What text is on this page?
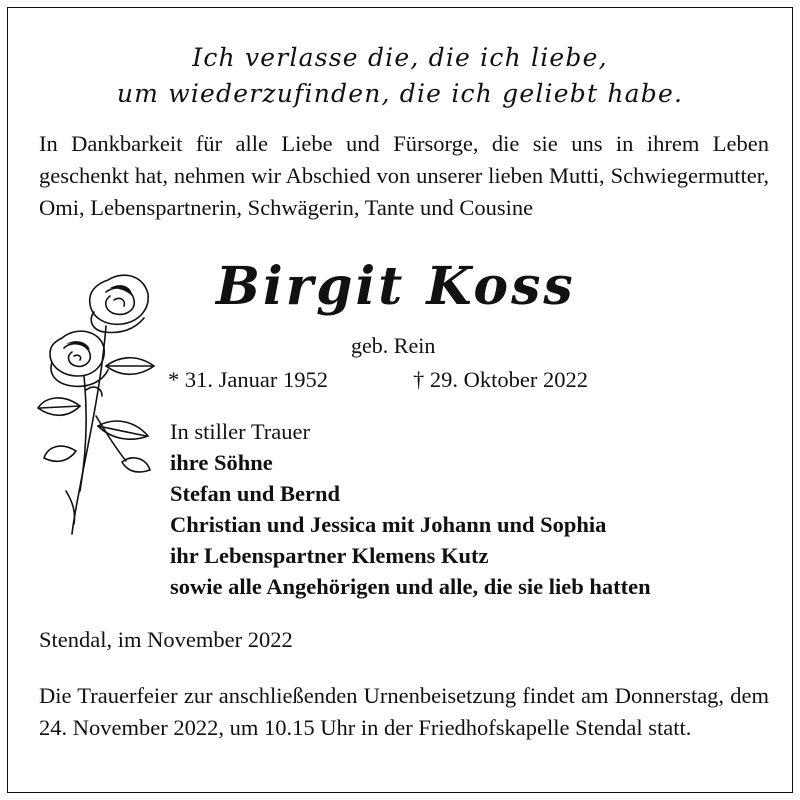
Ich verlasse die, die ich liebe,
um wiederzufinden, die ich geliebt habe.
In Dankbarkeit für alle Liebe und Fürsorge, die sie uns in ihrem Leben geschenkt hat, nehmen wir Abschied von unserer lieben Mutti, Schwiegermutter, Omi, Lebenspartnerin, Schwägerin, Tante und Cousine
Birgit Koss
geb. Rein
* 31. Januar 1952	† 29. Oktober 2022
In stiller Trauer
ihre Söhne
Stefan und Bernd
Christian und Jessica mit Johann und Sophia
ihr Lebenspartner Klemens Kutz
sowie alle Angehörigen und alle, die sie lieb hatten
Stendal, im November 2022
Die Trauerfeier zur anschließenden Urnenbeisetzung findet am Donnerstag, dem 24. November 2022, um 10.15 Uhr in der Friedhofskapelle Stendal statt.
